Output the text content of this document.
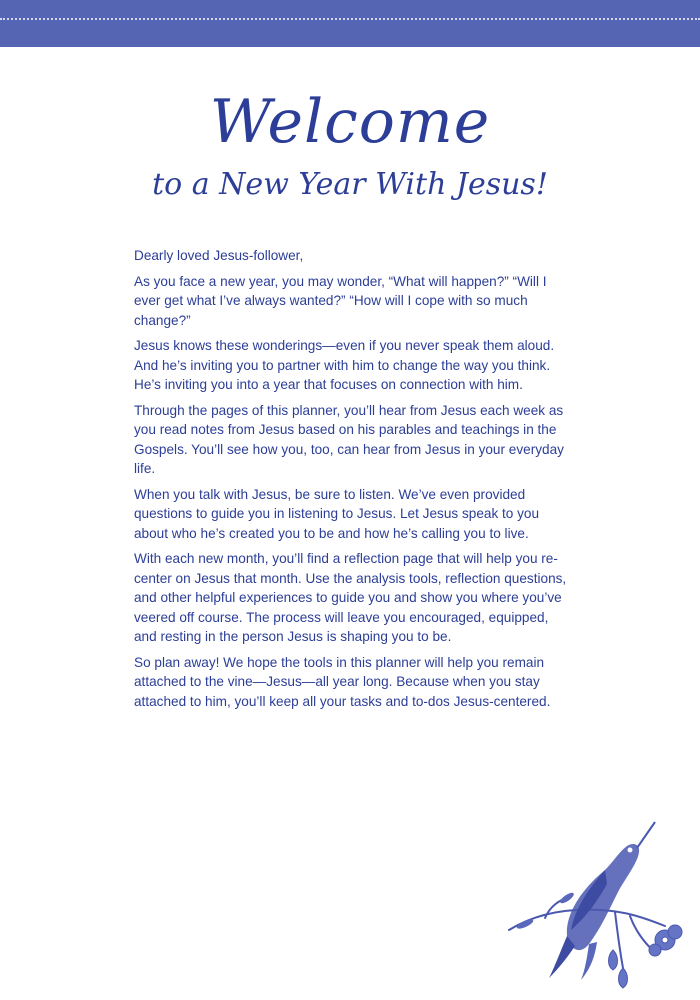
Welcome
to a New Year With Jesus!

Dearly loved Jesus-follower,

As you face a new year, you may wonder, “What will happen?” “Will I ever get what I’ve always wanted?” “How will I cope with so much change?”

Jesus knows these wonderings—even if you never speak them aloud. And he’s inviting you to partner with him to change the way you think. He’s inviting you into a year that focuses on connection with him.

Through the pages of this planner, you’ll hear from Jesus each week as you read notes from Jesus based on his parables and teachings in the Gospels. You’ll see how you, too, can hear from Jesus in your everyday life.

When you talk with Jesus, be sure to listen. We’ve even provided questions to guide you in listening to Jesus. Let Jesus speak to you about who he’s created you to be and how he’s calling you to live.

With each new month, you’ll find a reflection page that will help you re-center on Jesus that month. Use the analysis tools, reflection questions, and other helpful experiences to guide you and show you where you’ve veered off course. The process will leave you encouraged, equipped, and resting in the person Jesus is shaping you to be.

So plan away! We hope the tools in this planner will help you remain attached to the vine—Jesus—all year long. Because when you stay attached to him, you’ll keep all your tasks and to-dos Jesus-centered.
